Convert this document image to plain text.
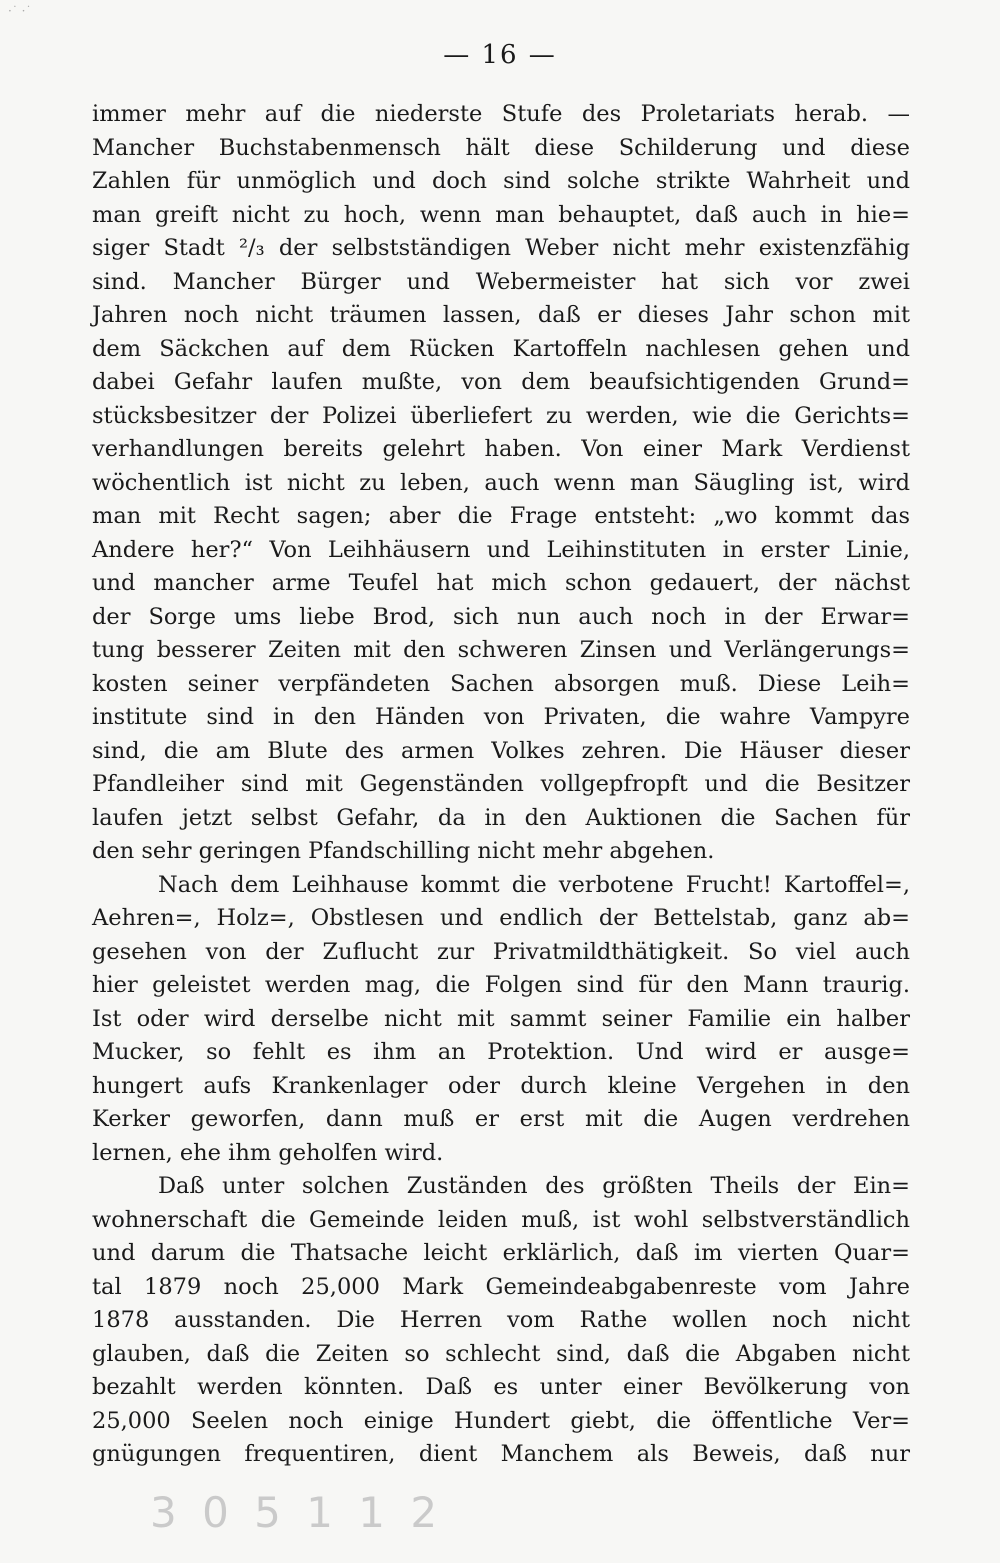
·˙ ·˙
— 16 —
immer mehr auf die niederste Stufe des Proletariats herab. —
Mancher Buchstabenmensch hält diese Schilderung und diese
Zahlen für unmöglich und doch sind solche strikte Wahrheit und
man greift nicht zu hoch, wenn man behauptet, daß auch in hie=
siger Stadt ²/₃ der selbstständigen Weber nicht mehr existenzfähig
sind. Mancher Bürger und Webermeister hat sich vor zwei
Jahren noch nicht träumen lassen, daß er dieses Jahr schon mit
dem Säckchen auf dem Rücken Kartoffeln nachlesen gehen und
dabei Gefahr laufen mußte, von dem beaufsichtigenden Grund=
stücksbesitzer der Polizei überliefert zu werden, wie die Gerichts=
verhandlungen bereits gelehrt haben. Von einer Mark Verdienst
wöchentlich ist nicht zu leben, auch wenn man Säugling ist, wird
man mit Recht sagen; aber die Frage entsteht: „wo kommt das
Andere her?“ Von Leihhäusern und Leihinstituten in erster Linie,
und mancher arme Teufel hat mich schon gedauert, der nächst
der Sorge ums liebe Brod, sich nun auch noch in der Erwar=
tung besserer Zeiten mit den schweren Zinsen und Verlängerungs=
kosten seiner verpfändeten Sachen absorgen muß. Diese Leih=
institute sind in den Händen von Privaten, die wahre Vampyre
sind, die am Blute des armen Volkes zehren. Die Häuser dieser
Pfandleiher sind mit Gegenständen vollgepfropft und die Besitzer
laufen jetzt selbst Gefahr, da in den Auktionen die Sachen für
den sehr geringen Pfandschilling nicht mehr abgehen.
Nach dem Leihhause kommt die verbotene Frucht! Kartoffel=,
Aehren=, Holz=, Obstlesen und endlich der Bettelstab, ganz ab=
gesehen von der Zuflucht zur Privatmildthätigkeit. So viel auch
hier geleistet werden mag, die Folgen sind für den Mann traurig.
Ist oder wird derselbe nicht mit sammt seiner Familie ein halber
Mucker, so fehlt es ihm an Protektion. Und wird er ausge=
hungert aufs Krankenlager oder durch kleine Vergehen in den
Kerker geworfen, dann muß er erst mit die Augen verdrehen
lernen, ehe ihm geholfen wird.
Daß unter solchen Zuständen des größten Theils der Ein=
wohnerschaft die Gemeinde leiden muß, ist wohl selbstverständlich
und darum die Thatsache leicht erklärlich, daß im vierten Quar=
tal 1879 noch 25,000 Mark Gemeindeabgabenreste vom Jahre
1878 ausstanden. Die Herren vom Rathe wollen noch nicht
glauben, daß die Zeiten so schlecht sind, daß die Abgaben nicht
bezahlt werden könnten. Daß es unter einer Bevölkerung von
25,000 Seelen noch einige Hundert giebt, die öffentliche Ver=
gnügungen frequentiren, dient Manchem als Beweis, daß nur
3 0 5 1 1 2
